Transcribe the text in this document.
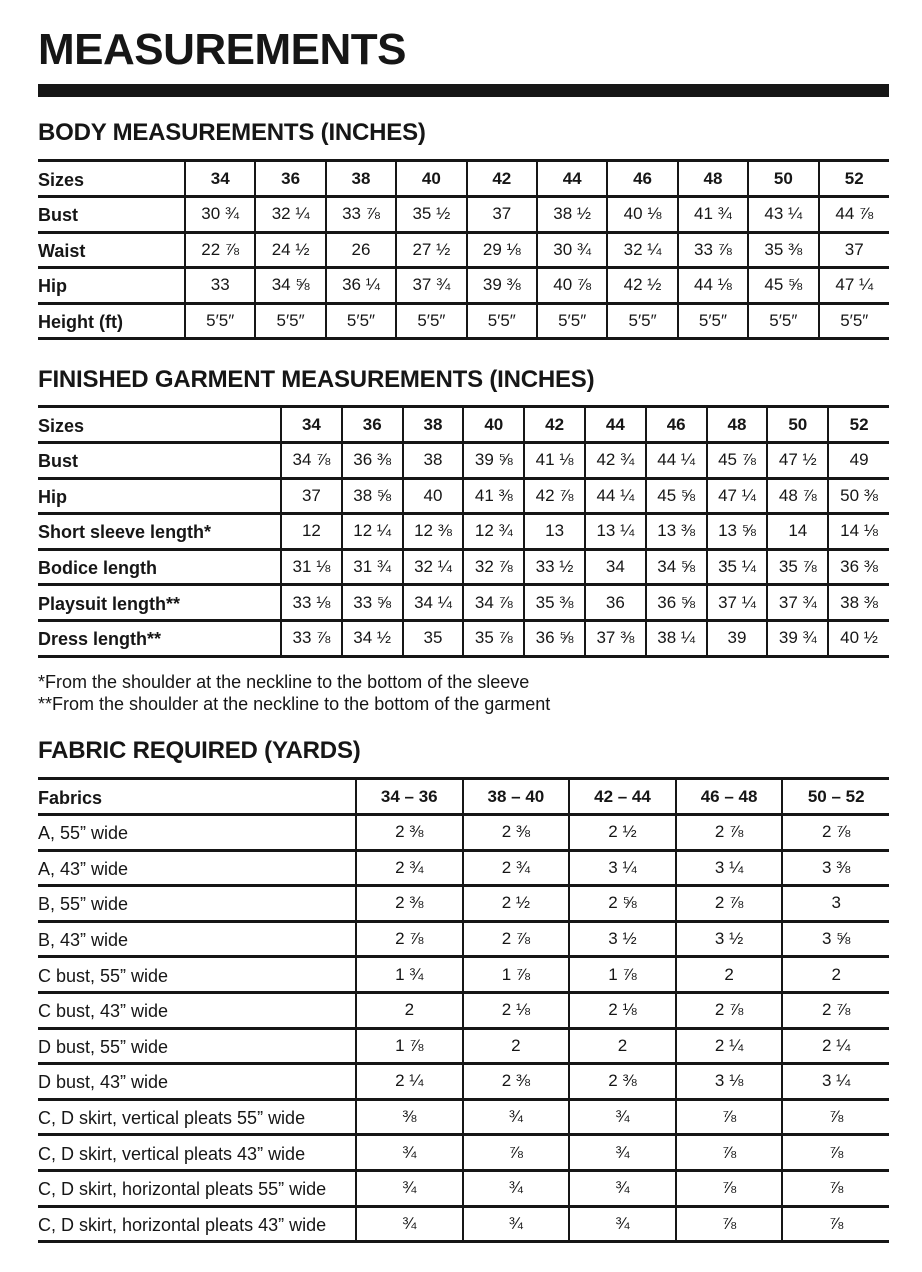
MEASUREMENTS
BODY MEASUREMENTS (INCHES)
Sizes	34	36	38	40	42	44	46	48	50	52
Bust	30 ¾	32 ¼	33 ⅞	35 ½	37	38 ½	40 ⅛	41 ¾	43 ¼	44 ⅞
Waist	22 ⅞	24 ½	26	27 ½	29 ⅛	30 ¾	32 ¼	33 ⅞	35 ⅜	37
Hip	33	34 ⅝	36 ¼	37 ¾	39 ⅜	40 ⅞	42 ½	44 ⅛	45 ⅝	47 ¼
Height (ft)	5′5″	5′5″	5′5″	5′5″	5′5″	5′5″	5′5″	5′5″	5′5″	5′5″
FINISHED GARMENT MEASUREMENTS (INCHES)
Sizes	34	36	38	40	42	44	46	48	50	52
Bust	34 ⅞	36 ⅜	38	39 ⅝	41 ⅛	42 ¾	44 ¼	45 ⅞	47 ½	49
Hip	37	38 ⅝	40	41 ⅜	42 ⅞	44 ¼	45 ⅝	47 ¼	48 ⅞	50 ⅜
Short sleeve length*	12	12 ¼	12 ⅜	12 ¾	13	13 ¼	13 ⅜	13 ⅝	14	14 ⅛
Bodice length	31 ⅛	31 ¾	32 ¼	32 ⅞	33 ½	34	34 ⅝	35 ¼	35 ⅞	36 ⅜
Playsuit length**	33 ⅛	33 ⅝	34 ¼	34 ⅞	35 ⅜	36	36 ⅝	37 ¼	37 ¾	38 ⅜
Dress length**	33 ⅞	34 ½	35	35 ⅞	36 ⅝	37 ⅜	38 ¼	39	39 ¾	40 ½

*From the shoulder at the neckline to the bottom of the sleeve

**From the shoulder at the neckline to the bottom of the garment

FABRIC REQUIRED (YARDS)
Fabrics	34 – 36	38 – 40	42 – 44	46 – 48	50 – 52
A, 55” wide	2 ⅜	2 ⅜	2 ½	2 ⅞	2 ⅞
A, 43” wide	2 ¾	2 ¾	3 ¼	3 ¼	3 ⅜
B, 55” wide	2 ⅜	2 ½	2 ⅝	2 ⅞	3
B, 43” wide	2 ⅞	2 ⅞	3 ½	3 ½	3 ⅝
C bust, 55” wide	1 ¾	1 ⅞	1 ⅞	2	2
C bust, 43” wide	2	2 ⅛	2 ⅛	2 ⅞	2 ⅞
D bust, 55” wide	1 ⅞	2	2	2 ¼	2 ¼
D bust, 43” wide	2 ¼	2 ⅜	2 ⅜	3 ⅛	3 ¼
C, D skirt, vertical pleats 55” wide	⅜	¾	¾	⅞	⅞
C, D skirt, vertical pleats 43” wide	¾	⅞	¾	⅞	⅞
C, D skirt, horizontal pleats 55” wide	¾	¾	¾	⅞	⅞
C, D skirt, horizontal pleats 43” wide	¾	¾	¾	⅞	⅞
